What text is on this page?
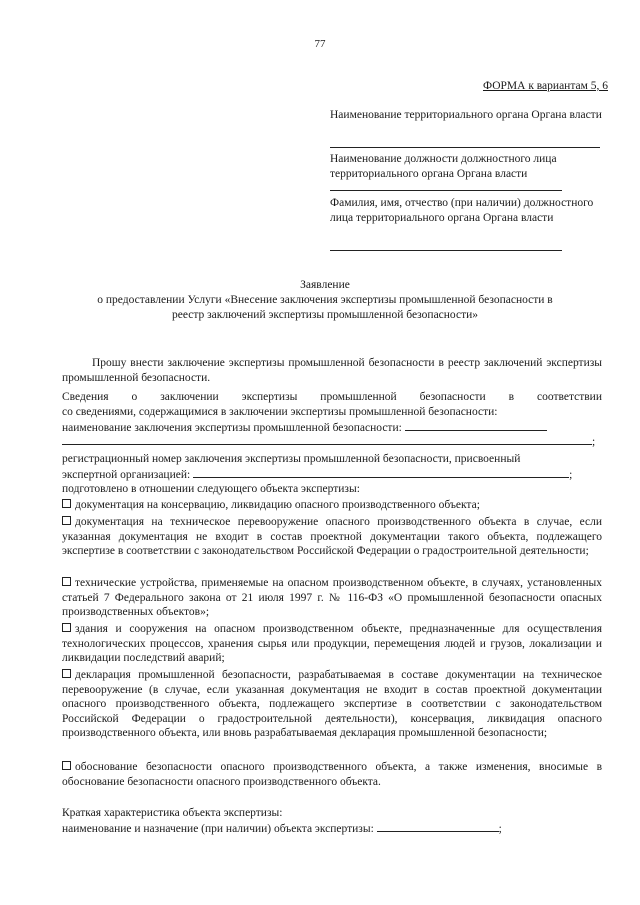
77
ФОРМА к вариантам 5, 6
Наименование территориального органа Органа власти
Наименование должности должностного лица территориального органа Органа власти
Фамилия, имя, отчество (при наличии) должностного лица территориального органа Органа власти
Заявление
о предоставлении Услуги «Внесение заключения экспертизы промышленной безопасности в
реестр заключений экспертизы промышленной безопасности»
Прошу внести заключение экспертизы промышленной безопасности в реестр заключений экспертизы промышленной безопасности.
Сведения о заключении экспертизы промышленной безопасности в соответствии
со сведениями, содержащимися в заключении экспертизы промышленной безопасности:
наименование заключения экспертизы промышленной безопасности:
;
регистрационный номер заключения экспертизы промышленной безопасности, присвоенный
экспертной организацией:	;
подготовлено в отношении следующего объекта экспертизы:
документация на консервацию, ликвидацию опасного производственного объекта;
документация на техническое перевооружение опасного производственного объекта в случае, если указанная документация не входит в состав проектной документации такого объекта, подлежащего экспертизе в соответствии с законодательством Российской Федерации о градостроительной деятельности;
технические устройства, применяемые на опасном производственном объекте, в случаях, установленных статьей 7 Федерального закона от 21 июля 1997 г. № 116-ФЗ «О промышленной безопасности опасных производственных объектов»;
здания и сооружения на опасном производственном объекте, предназначенные для осуществления технологических процессов, хранения сырья или продукции, перемещения людей и грузов, локализации и ликвидации последствий аварий;
декларация промышленной безопасности, разрабатываемая в составе документации на техническое перевооружение (в случае, если указанная документация не входит в состав проектной документации опасного производственного объекта, подлежащего экспертизе в соответствии с законодательством Российской Федерации о градостроительной деятельности), консервация, ликвидация опасного производственного объекта, или вновь разрабатываемая декларация промышленной безопасности;
обоснование безопасности опасного производственного объекта, а также изменения, вносимые в обоснование безопасности опасного производственного объекта.
Краткая характеристика объекта экспертизы:
наименование и назначение (при наличии) объекта экспертизы:	;
